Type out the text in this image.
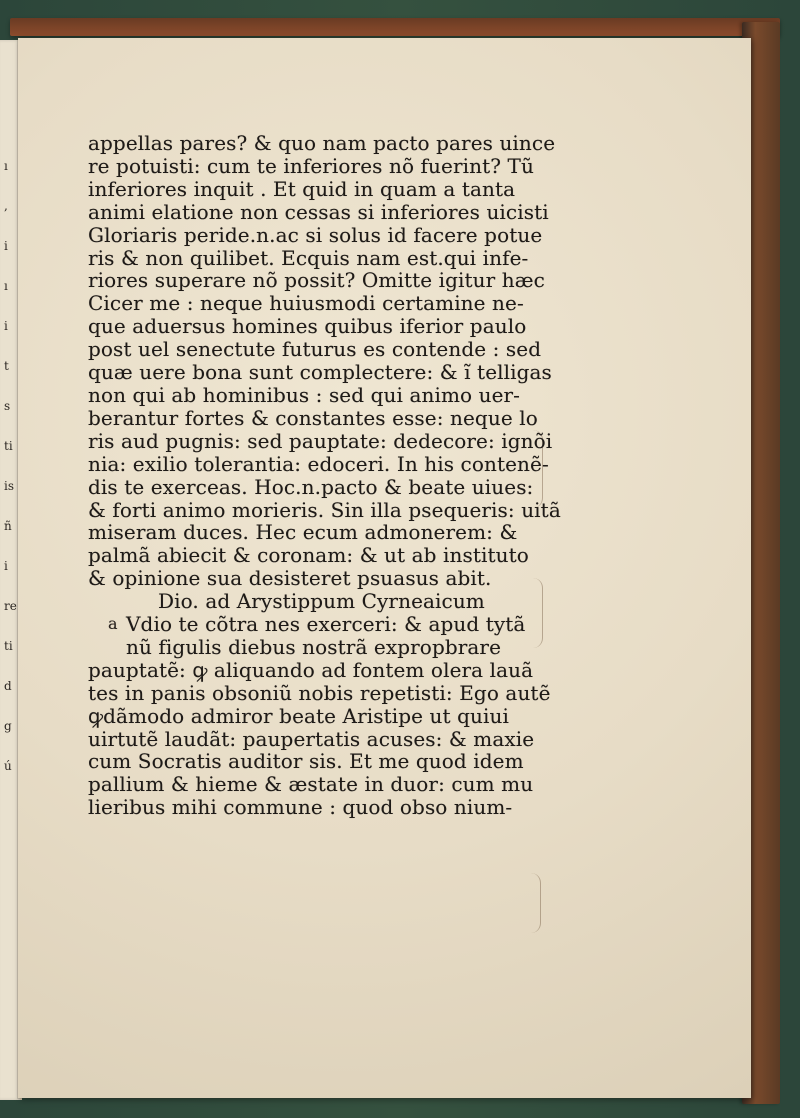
ı
,
i
ı
i
t
s
ti
is
ñ
i
re
ti
d
g
ú
appellas pares? & quo nam pacto pares uince
re potuisti: cum te inferiores nõ fuerint? Tũ
inferiores inquit . Et quid in quam a tanta
animi elatione non cessas si inferiores uicisti
Gloriaris peride.n.ac si solus id facere potue
ris & non quilibet. Ecquis nam est.qui infe-
riores superare nõ possit? Omitte igitur hæc
Cicer me : neque huiusmodi certamine ne-
que aduersus homines quibus iferior paulo
post uel senectute futurus es contende : sed
quæ uere bona sunt complectere: & ĩ telligas
non qui ab hominibus : sed qui animo uer-
berantur fortes & constantes esse: neque lo
ris aud pugnis: sed pauptate: dedecore: ignõi
nia: exilio tolerantia: edoceri. In his contenẽ-
dis te exerceas. Hoc.n.pacto & beate uiues:
& forti animo morieris. Sin illa psequeris: uitã
miseram duces. Hec ecum admonerem: &
palmã abiecit & coronam: & ut ab instituto
& opinione sua desisteret psuasus abit.
Dio. ad Arystippum Cyrneaicum
a Vdio te cõtra nes exerceri: & apud tytã
nũ figulis diebus nostrã expropbrare
pauptatẽ: ꝙ aliquando ad fontem olera lauã
tes in panis obsoniũ nobis repetisti: Ego autẽ
ꝙdãmodo admiror beate Aristipe ut quiui
uirtutẽ laudãt: paupertatis acuses: & maxie
cum Socratis auditor sis. Et me quod idem
pallium & hieme & æstate in duor: cum mu
lieribus mihi commune : quod obso nium-
